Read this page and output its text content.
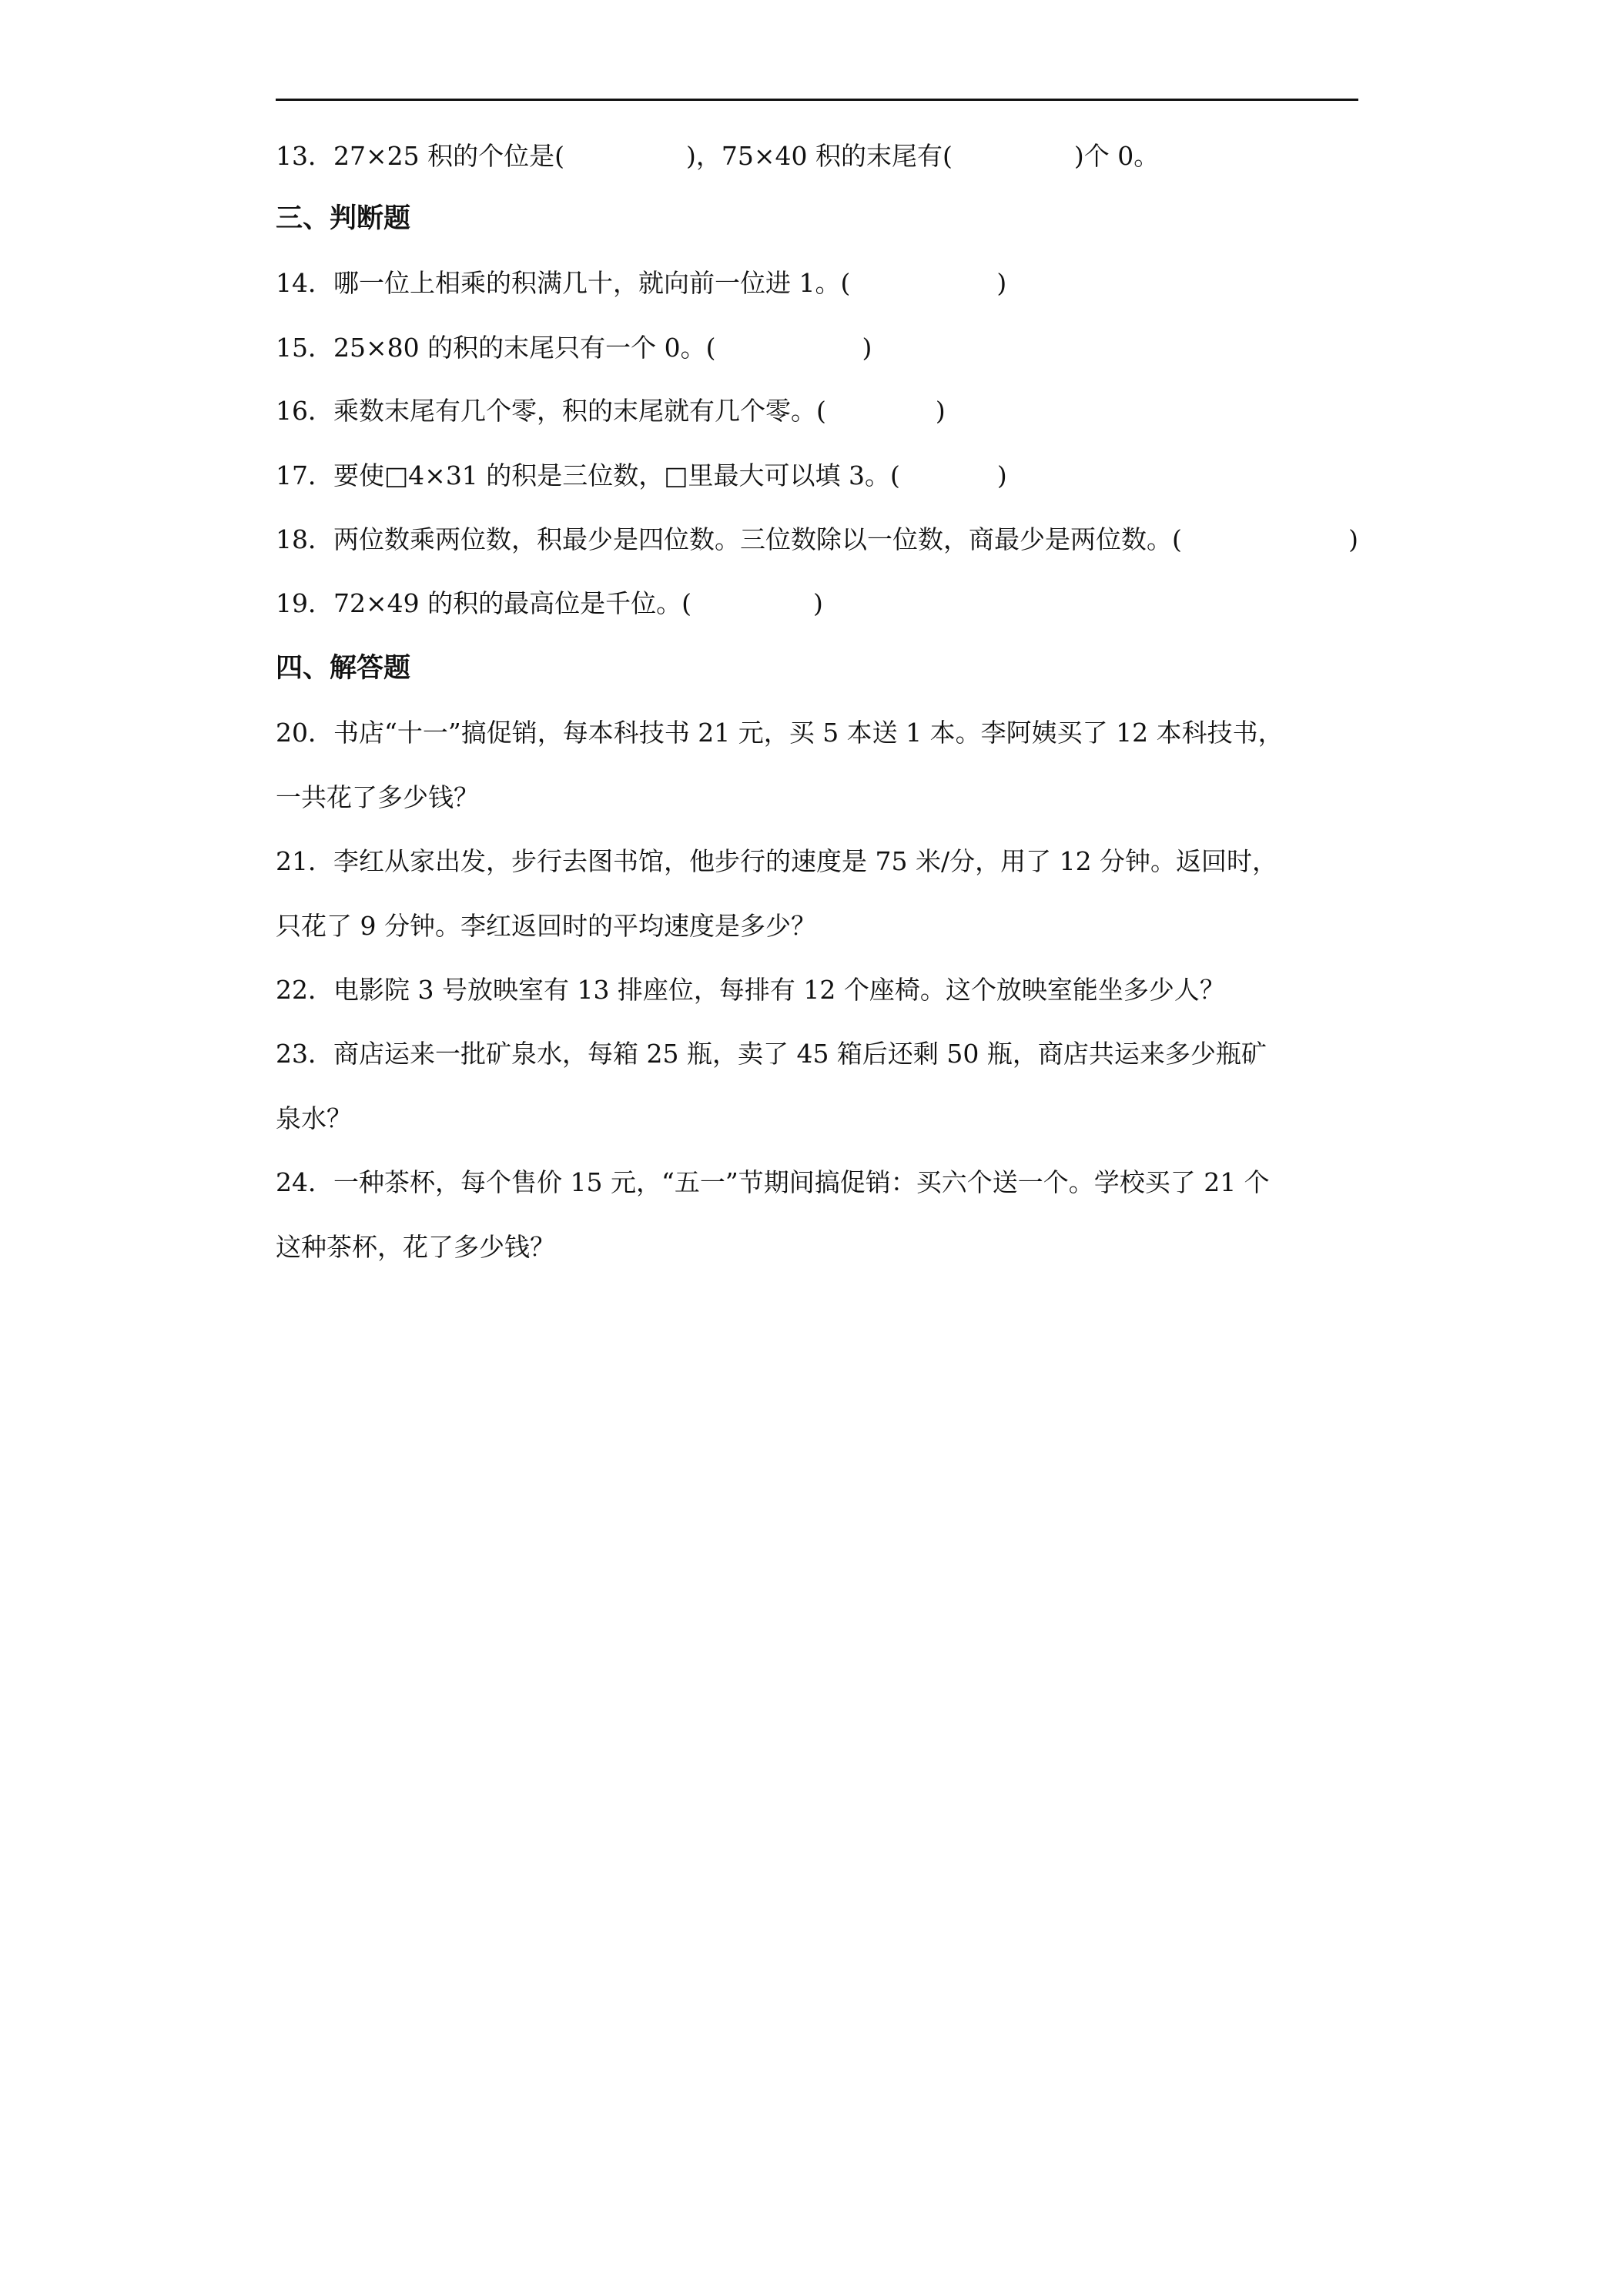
13．27×25 积的个位是(	)，75×40 积的末尾有(	)个 0。
三、判断题
14．哪一位上相乘的积满几十，就向前一位进 1。(	)
15．25×80 的积的末尾只有一个 0。(	)
16．乘数末尾有几个零，积的末尾就有几个零。(	)
17．要使□4×31 的积是三位数，□里最大可以填 3。(	)
18．两位数乘两位数，积最少是四位数。三位数除以一位数，商最少是两位数。(	)
19．72×49 的积的最高位是千位。(	)
四、解答题
20．书店“十一”搞促销，每本科技书 21 元，买 5 本送 1 本。李阿姨买了 12 本科技书，
一共花了多少钱？
21．李红从家出发，步行去图书馆，他步行的速度是 75 米/分，用了 12 分钟。返回时，
只花了 9 分钟。李红返回时的平均速度是多少？
22．电影院 3 号放映室有 13 排座位，每排有 12 个座椅。这个放映室能坐多少人？
23．商店运来一批矿泉水，每箱 25 瓶，卖了 45 箱后还剩 50 瓶，商店共运来多少瓶矿
泉水？
24．一种茶杯，每个售价 15 元，“五一”节期间搞促销：买六个送一个。学校买了 21 个
这种茶杯，花了多少钱？
